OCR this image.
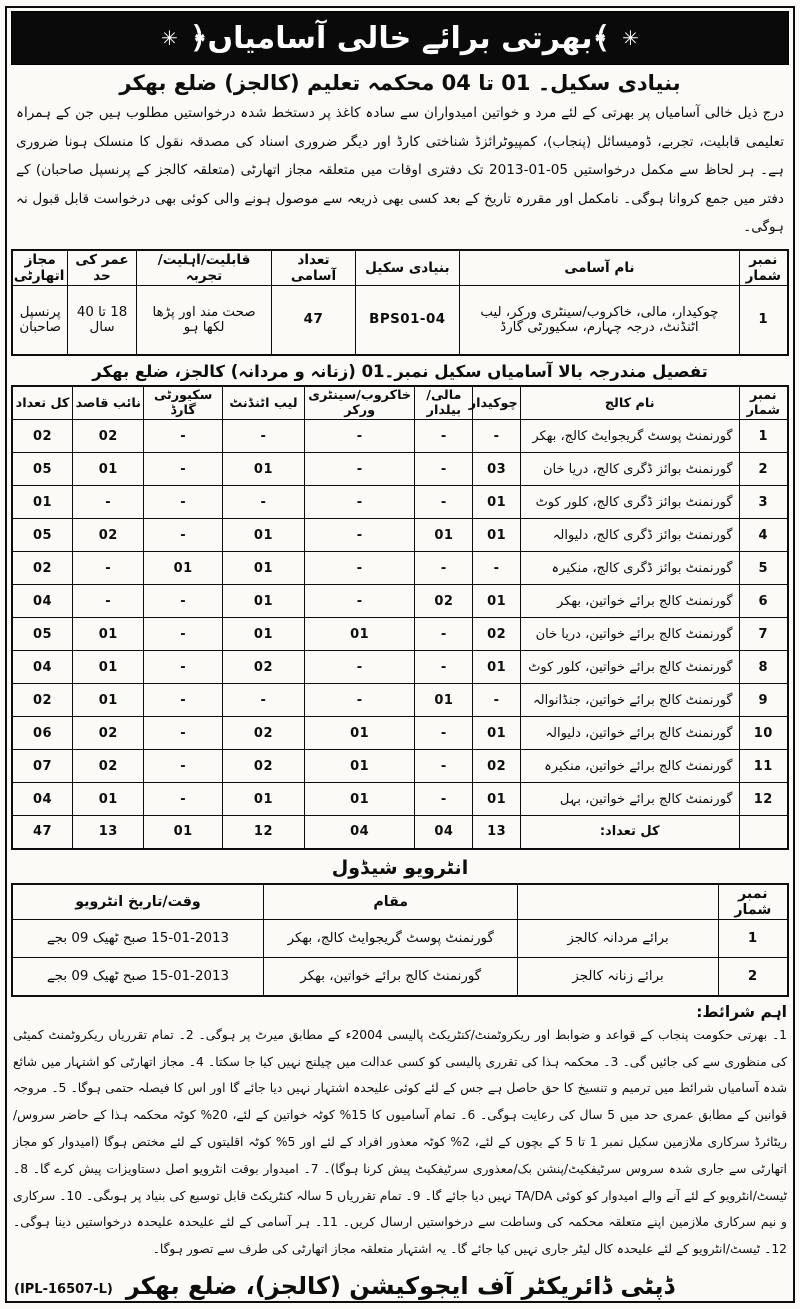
✳
﴾بھرتی برائے خالی آسامیاں﴿
✳
بنیادی سکیل۔ 01 تا 04 محکمہ تعلیم (کالجز) ضلع بھکر

درج ذیل خالی آسامیاں پر بھرتی کے لئے مرد و خواتین امیدواران سے سادہ کاغذ پر دستخط شدہ درخواستیں مطلوب ہیں جن کے ہمراہ تعلیمی قابلیت، تجربے، ڈومیسائل (پنجاب)، کمپیوٹرائزڈ شناختی کارڈ اور دیگر ضروری اسناد کی مصدقہ نقول کا منسلک ہونا ضروری ہے۔ ہر لحاظ سے مکمل درخواستیں 05-01-2013 تک دفتری اوقات میں متعلقہ مجاز اتھارٹی (متعلقہ کالجز کے پرنسپل صاحبان) کے دفتر میں جمع کروانا ہوگی۔ نامکمل اور مقررہ تاریخ کے بعد کسی بھی ذریعہ سے موصول ہونے والی کوئی بھی درخواست قابل قبول نہ ہوگی۔

نمبر شمار	نام آسامی	بنیادی سکیل	تعداد آسامی	قابلیت/اہلیت/تجربہ	عمر کی حد	مجاز اتھارٹی
1	چوکیدار، مالی، خاکروب/سینٹری ورکر، لیب اٹنڈنٹ، درجہ چہارم، سکیورٹی گارڈ	BPS01-04	47	صحت مند اور پڑھا لکھا ہو	18 تا 40 سال	پرنسپل صاحبان
تفصیل مندرجہ بالا آسامیاں سکیل نمبر۔01 (زنانہ و مردانہ) کالجز، ضلع بھکر
نمبر شمار	نام کالج	چوکیدار	مالی/بیلدار	خاکروب/سینٹری ورکر	لیب اٹنڈنٹ	سکیورٹی گارڈ	نائب قاصد	کل تعداد
1	گورنمنٹ پوسٹ گریجوایٹ کالج، بھکر	-	-	-	-	-	02	02
2	گورنمنٹ بوائز ڈگری کالج، دریا خان	03	-	-	01	-	01	05
3	گورنمنٹ بوائز ڈگری کالج، کلور کوٹ	01	-	-	-	-	-	01
4	گورنمنٹ بوائز ڈگری کالج، دلیوالہ	01	01	-	01	-	02	05
5	گورنمنٹ بوائز ڈگری کالج، منکیرہ	-	-	-	01	01	-	02
6	گورنمنٹ کالج برائے خواتین، بھکر	01	02	-	01	-	-	04
7	گورنمنٹ کالج برائے خواتین، دریا خان	02	-	01	01	-	01	05
8	گورنمنٹ کالج برائے خواتین، کلور کوٹ	01	-	-	02	-	01	04
9	گورنمنٹ کالج برائے خواتین، جنڈانوالہ	-	01	-	-	-	01	02
10	گورنمنٹ کالج برائے خواتین، دلیوالہ	01	-	01	02	-	02	06
11	گورنمنٹ کالج برائے خواتین، منکیرہ	02	-	01	02	-	02	07
12	گورنمنٹ کالج برائے خواتین، بہل	01	-	01	01	-	01	04
	کل تعداد:	13	04	04	12	01	13	47
انٹرویو شیڈول
نمبر شمار		مقام	وقت/تاریخ انٹرویو
1	برائے مردانہ کالجز	گورنمنٹ پوسٹ گریجوایٹ کالج، بھکر	15-01-2013 صبح ٹھیک 09 بجے
2	برائے زنانہ کالجز	گورنمنٹ کالج برائے خواتین، بھکر	15-01-2013 صبح ٹھیک 09 بجے
اہم شرائط:

1۔ بھرتی حکومت پنجاب کے قواعد و ضوابط اور ریکروٹمنٹ/کنٹریکٹ پالیسی 2004ء کے مطابق میرٹ پر ہوگی۔ 2۔ تمام تقرریاں ریکروٹمنٹ کمیٹی کی منظوری سے کی جائیں گی۔ 3۔ محکمہ ہذا کی تقرری پالیسی کو کسی عدالت میں چیلنج نہیں کیا جا سکتا۔ 4۔ مجاز اتھارٹی کو اشتہار میں شائع شدہ آسامیاں شرائط میں ترمیم و تنسیخ کا حق حاصل ہے جس کے لئے کوئی علیحدہ اشتہار نہیں دیا جائے گا اور اس کا فیصلہ حتمی ہوگا۔ 5۔ مروجہ قوانین کے مطابق عمری حد میں 5 سال کی رعایت ہوگی۔ 6۔ تمام آسامیوں کا 15% کوٹہ خواتین کے لئے، 20% کوٹہ محکمہ ہذا کے حاضر سروس/ریٹائرڈ سرکاری ملازمین سکیل نمبر 1 تا 5 کے بچوں کے لئے، 2% کوٹہ معذور افراد کے لئے اور 5% کوٹہ اقلیتوں کے لئے مختص ہوگا (امیدوار کو مجاز اتھارٹی سے جاری شدہ سروس سرٹیفکیٹ/پنشن بک/معذوری سرٹیفکیٹ پیش کرنا ہوگا)۔ 7۔ امیدوار بوقت انٹرویو اصل دستاویزات پیش کرے گا۔ 8۔ ٹیسٹ/انٹرویو کے لئے آنے والے امیدوار کو کوئی TA/DA نہیں دیا جائے گا۔ 9۔ تمام تقرریاں 5 سالہ کنٹریکٹ قابل توسیع کی بنیاد پر ہوںگی۔ 10۔ سرکاری و نیم سرکاری ملازمین اپنے متعلقہ محکمہ کی وساطت سے درخواستیں ارسال کریں۔ 11۔ ہر آسامی کے لئے علیحدہ علیحدہ درخواستیں دینا ہوگی۔ 12۔ ٹیسٹ/انٹرویو کے لئے علیحدہ کال لیٹر جاری نہیں کیا جائے گا۔ یہ اشتہار متعلقہ مجاز اتھارٹی کی طرف سے تصور ہوگا۔

ڈپٹی ڈائریکٹر آف ایجوکیشن (کالجز)، ضلع بھکر
(IPL-16507-L)
